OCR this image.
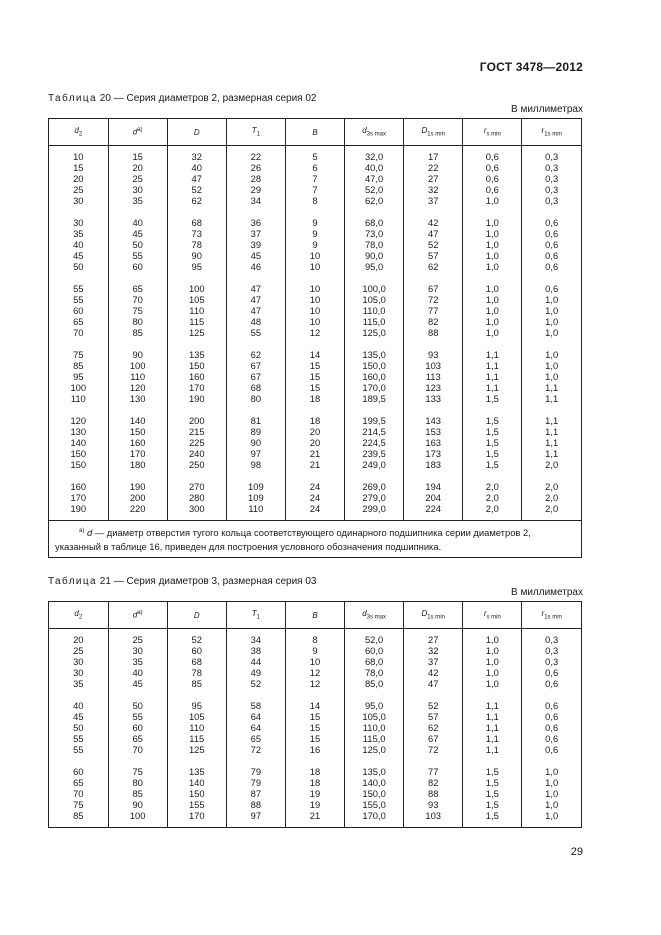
ГОСТ 3478—2012
Таблица 20 — Серия диаметров 2, размерная серия 02
В миллиметрах
$d_2$	$d^{a)}$	D	$T_1$	B	$d_{3s max}$	$D_{1s min}$	$r_{s min}$	$r_{1s min}$
10	15	32	22	5	32,0	17	0,6	0,3
15	20	40	26	6	40,0	22	0,6	0,3
20	25	47	28	7	47,0	27	0,6	0,3
25	30	52	29	7	52,0	32	0,6	0,3
30	35	62	34	8	62,0	37	1,0	0,3

30	40	68	36	9	68,0	42	1,0	0,6
35	45	73	37	9	73,0	47	1,0	0,6
40	50	78	39	9	78,0	52	1,0	0,6
45	55	90	45	10	90,0	57	1,0	0,6
50	60	95	46	10	95,0	62	1,0	0,6

55	65	100	47	10	100,0	67	1,0	0,6
55	70	105	47	10	105,0	72	1,0	1,0
60	75	110	47	10	110,0	77	1,0	1,0
65	80	115	48	10	115,0	82	1,0	1,0
70	85	125	55	12	125,0	88	1,0	1,0

75	90	135	62	14	135,0	93	1,1	1,0
85	100	150	67	15	150,0	103	1,1	1,0
95	110	160	67	15	160,0	113	1,1	1,0
100	120	170	68	15	170,0	123	1,1	1,1
110	130	190	80	18	189,5	133	1,5	1,1

120	140	200	81	18	199,5	143	1,5	1,1
130	150	215	89	20	214,5	153	1,5	1,1
140	160	225	90	20	224,5	163	1,5	1,1
150	170	240	97	21	239,5	173	1,5	1,1
150	180	250	98	21	249,0	183	1,5	2,0

160	190	270	109	24	269,0	194	2,0	2,0
170	200	280	109	24	279,0	204	2,0	2,0
190	220	300	110	24	299,0	224	2,0	2,0
$^{a)}$ d — диаметр отверстия тугого кольца соответствующего одинарного подшипника серии диаметров 2, указанный в таблице 16, приведен для построения условного обозначения подшипника.								
Таблица 21 — Серия диаметров 3, размерная серия 03
В миллиметрах
$d_2$	$d^{a)}$	D	$T_1$	B	$d_{3s max}$	$D_{1s min}$	$r_{s min}$	$r_{1s min}$
20	25	52	34	8	52,0	27	1,0	0,3
25	30	60	38	9	60,0	32	1,0	0,3
30	35	68	44	10	68,0	37	1,0	0,3
30	40	78	49	12	78,0	42	1,0	0,6
35	45	85	52	12	85,0	47	1,0	0,6

40	50	95	58	14	95,0	52	1,1	0,6
45	55	105	64	15	105,0	57	1,1	0,6
50	60	110	64	15	110,0	62	1,1	0,6
55	65	115	65	15	115,0	67	1,1	0,6
55	70	125	72	16	125,0	72	1,1	0,6

60	75	135	79	18	135,0	77	1,5	1,0
65	80	140	79	18	140,0	82	1,5	1,0
70	85	150	87	19	150,0	88	1,5	1,0
75	90	155	88	19	155,0	93	1,5	1,0
85	100	170	97	21	170,0	103	1,5	1,0
29
